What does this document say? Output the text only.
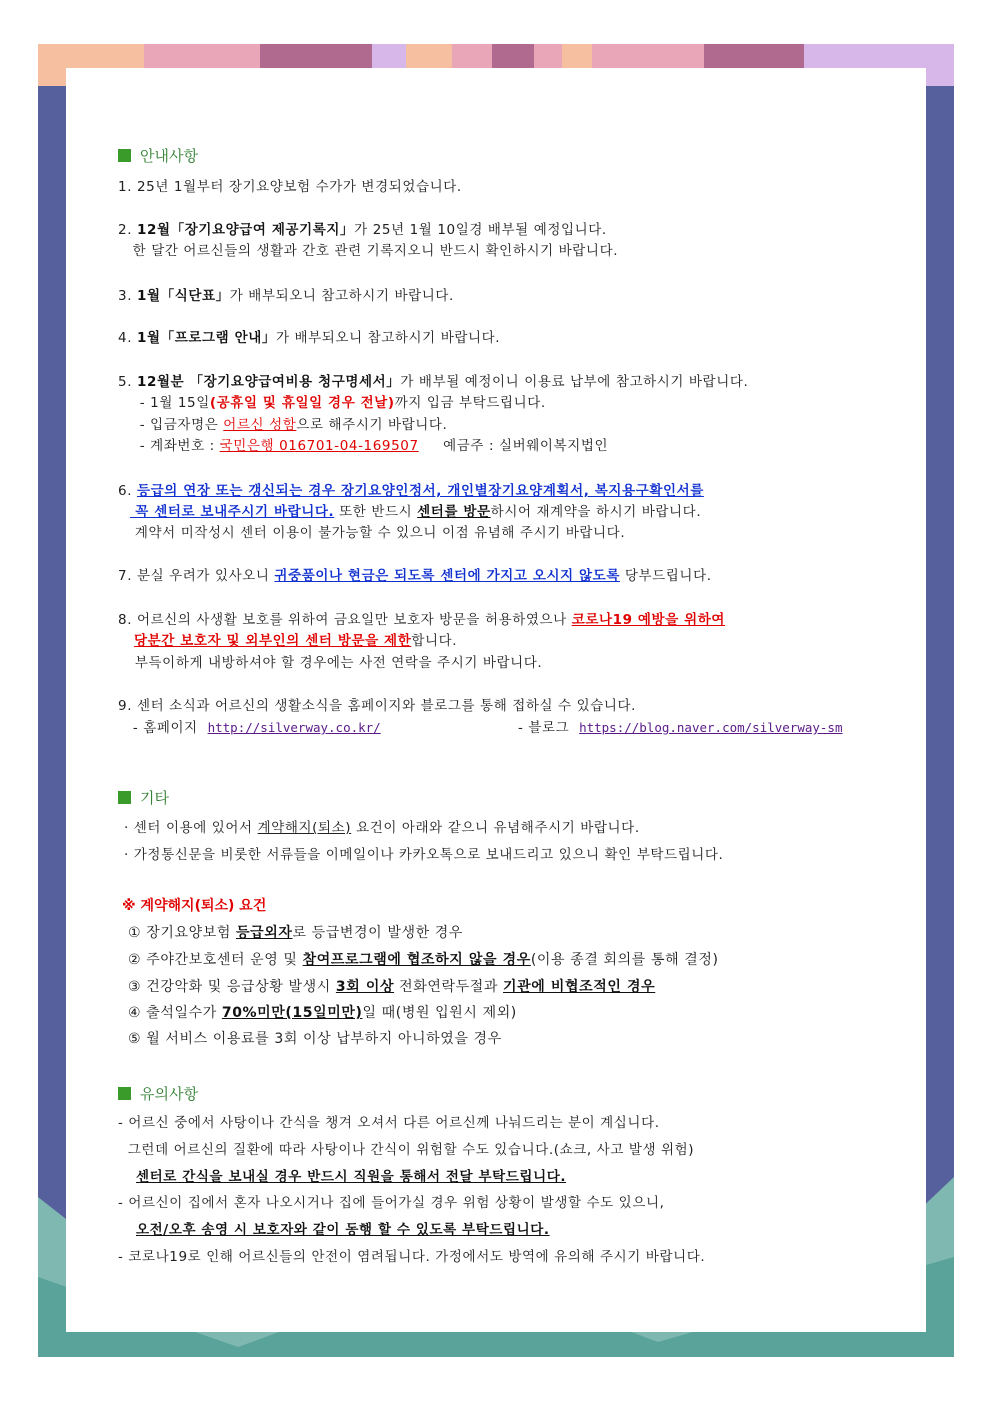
안내사항
1. 25년 1월부터 장기요양보험 수가가 변경되었습니다.
2. 12월「장기요양급여 제공기록지」가 25년 1월 10일경 배부될 예정입니다.
한 달간 어르신들의 생활과 간호 관련 기록지오니 반드시 확인하시기 바랍니다.
3. 1월「식단표」가 배부되오니 참고하시기 바랍니다.
4. 1월「프로그램 안내」가 배부되오니 참고하시기 바랍니다.
5. 12월분 「장기요양급여비용 청구명세서」가 배부될 예정이니 이용료 납부에 참고하시기 바랍니다.
- 1월 15일(공휴일 및 휴일일 경우 전날)까지 입금 부탁드립니다.
- 입금자명은 어르신 성함으로 해주시기 바랍니다.
- 계좌번호 : 국민은행 016701-04-169507     예금주 : 실버웨이복지법인
6. 등급의 연장 또는 갱신되는 경우 장기요양인정서, 개인별장기요양계획서, 복지용구확인서를
꼭 센터로 보내주시기 바랍니다. 또한 반드시 센터를 방문하시어 재계약을 하시기 바랍니다.
계약서 미작성시 센터 이용이 불가능할 수 있으니 이점 유념해 주시기 바랍니다.
7. 분실 우려가 있사오니 귀중품이나 현금은 되도록 센터에 가지고 오시지 않도록 당부드립니다.
8. 어르신의 사생활 보호를 위하여 금요일만 보호자 방문을 허용하였으나 코로나19 예방을 위하여
당분간 보호자 및 외부인의 센터 방문을 제한합니다.
부득이하게 내방하셔야 할 경우에는 사전 연락을 주시기 바랍니다.
9. 센터 소식과 어르신의 생활소식을 홈페이지와 블로그를 통해 접하실 수 있습니다.
- 홈페이지  http://silverway.co.kr/	- 블로그  https://blog.naver.com/silverway-sm
기타
· 센터 이용에 있어서 계약해지(퇴소) 요건이 아래와 같으니 유념해주시기 바랍니다.
· 가정통신문을 비롯한 서류들을 이메일이나 카카오톡으로 보내드리고 있으니 확인 부탁드립니다.
※ 계약해지(퇴소) 요건
① 장기요양보험 등급외자로 등급변경이 발생한 경우
② 주야간보호센터 운영 및 참여프로그램에 협조하지 않을 경우(이용 종결 회의를 통해 결정)
③ 건강악화 및 응급상황 발생시 3회 이상 전화연락두절과 기관에 비협조적인 경우
④ 출석일수가 70%미만(15일미만)일 때(병원 입원시 제외)
⑤ 월 서비스 이용료를 3회 이상 납부하지 아니하였을 경우
유의사항
- 어르신 중에서 사탕이나 간식을 챙겨 오셔서 다른 어르신께 나눠드리는 분이 계십니다.
그런데 어르신의 질환에 따라 사탕이나 간식이 위험할 수도 있습니다.(쇼크, 사고 발생 위험)
센터로 간식을 보내실 경우 반드시 직원을 통해서 전달 부탁드립니다.
- 어르신이 집에서 혼자 나오시거나 집에 들어가실 경우 위험 상황이 발생할 수도 있으니,
오전/오후 송영 시 보호자와 같이 동행 할 수 있도록 부탁드립니다.
- 코로나19로 인해 어르신들의 안전이 염려됩니다. 가정에서도 방역에 유의해 주시기 바랍니다.
